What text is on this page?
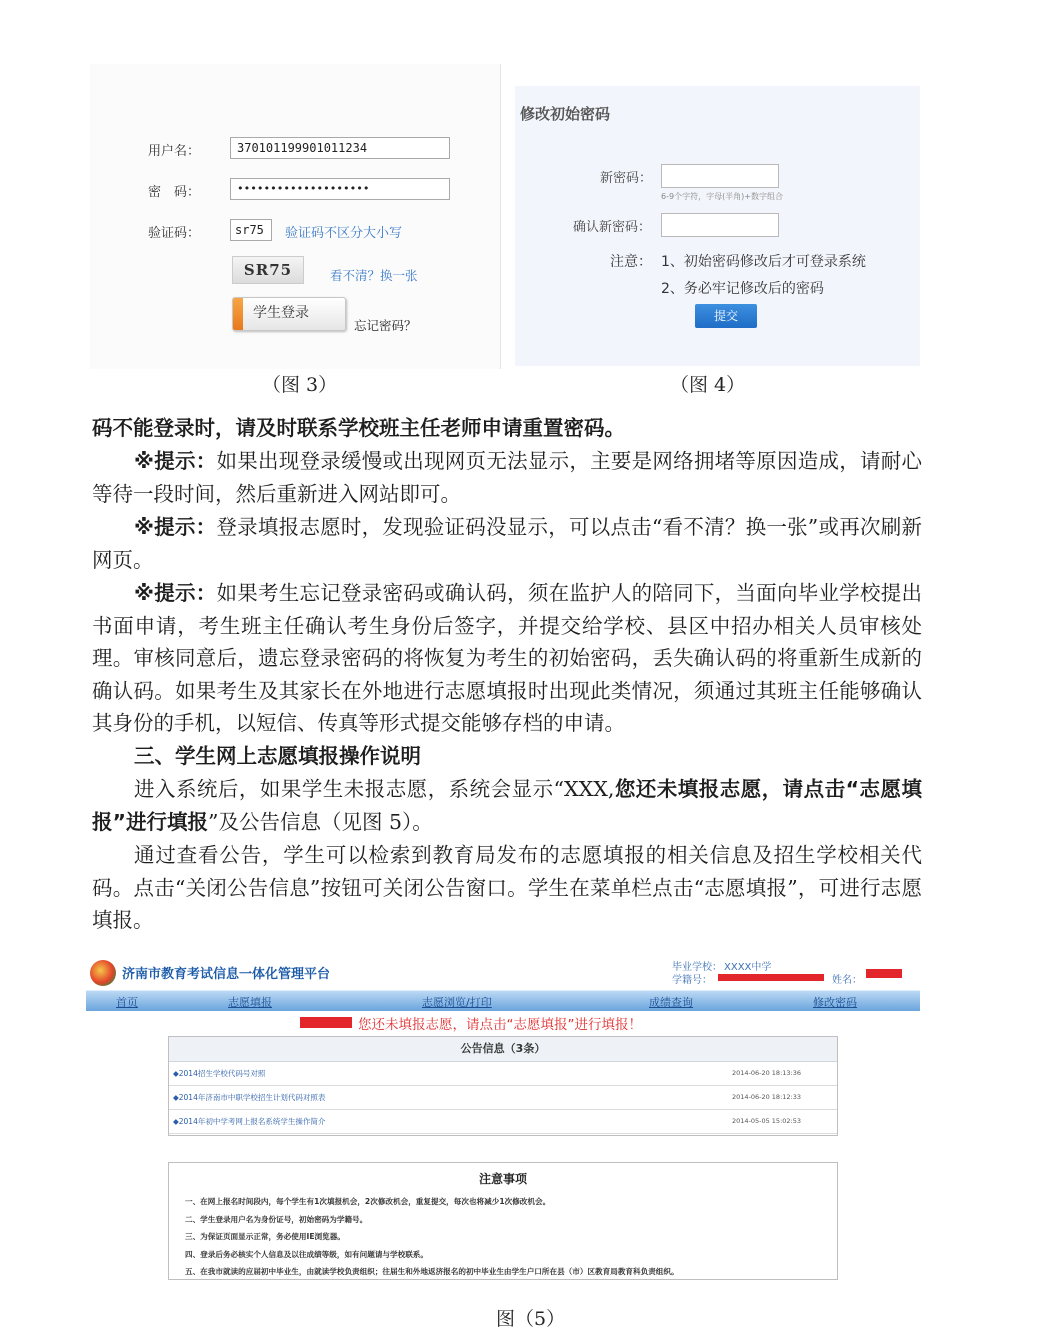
用户名：	370101199901011234
密　码：	••••••••••••••••••••
验证码：	sr75	验证码不区分大小写
SR75	看不清？换一张
学生登录
忘记密码？
修改初始密码
新密码：
6-9个字符，字母(半角)+数字组合
确认新密码：
注意： 1、初始密码修改后才可登录系统
2、务必牢记修改后的密码
提交
（图 3）	（图 4）
码不能登录时，请及时联系学校班主任老师申请重置密码。
※提示：如果出现登录缓慢或出现网页无法显示，主要是网络拥堵等原因造成，请耐心等待一段时间，然后重新进入网站即可。
※提示：登录填报志愿时，发现验证码没显示，可以点击“看不清？换一张”或再次刷新网页。
※提示：如果考生忘记登录密码或确认码，须在监护人的陪同下，当面向毕业学校提出书面申请，考生班主任确认考生身份后签字，并提交给学校、县区中招办相关人员审核处理。审核同意后，遗忘登录密码的将恢复为考生的初始密码，丢失确认码的将重新生成新的确认码。如果考生及其家长在外地进行志愿填报时出现此类情况，须通过其班主任能够确认其身份的手机，以短信、传真等形式提交能够存档的申请。
三、学生网上志愿填报操作说明
进入系统后，如果学生未报志愿，系统会显示“XXX,您还未填报志愿，请点击“志愿填报”进行填报”及公告信息（见图 5）。
通过查看公告，学生可以检索到教育局发布的志愿填报的相关信息及招生学校相关代码。点击“关闭公告信息”按钮可关闭公告窗口。学生在菜单栏点击“志愿填报”，可进行志愿填报。
济南市教育考试信息一体化管理平台	毕业学校： XXXX中学
学籍号：	姓名：
首页	志愿填报	志愿浏览/打印	成绩查询	修改密码
您还未填报志愿，请点击“志愿填报”进行填报！
公告信息（3条）
◆2014招生学校代码号对照	2014-06-20 18:13:36
◆2014年济南市中职学校招生计划代码对照表	2014-06-20 18:12:33
◆2014年初中学考网上报名系统学生操作简介	2014-05-05 15:02:53
注意事项
一、在网上报名时间段内，每个学生有1次填报机会，2次修改机会，重复提交，每次也将减少1次修改机会。
二、学生登录用户名为身份证号，初始密码为学籍号。
三、为保证页面显示正常，务必使用IE浏览器。
四、登录后务必核实个人信息及以往成绩等级，如有问题请与学校联系。
五、在我市就读的应届初中毕业生，由就读学校负责组织；往届生和外地返济报名的初中毕业生由学生户口所在县（市）区教育局教育科负责组织。
图（5）
